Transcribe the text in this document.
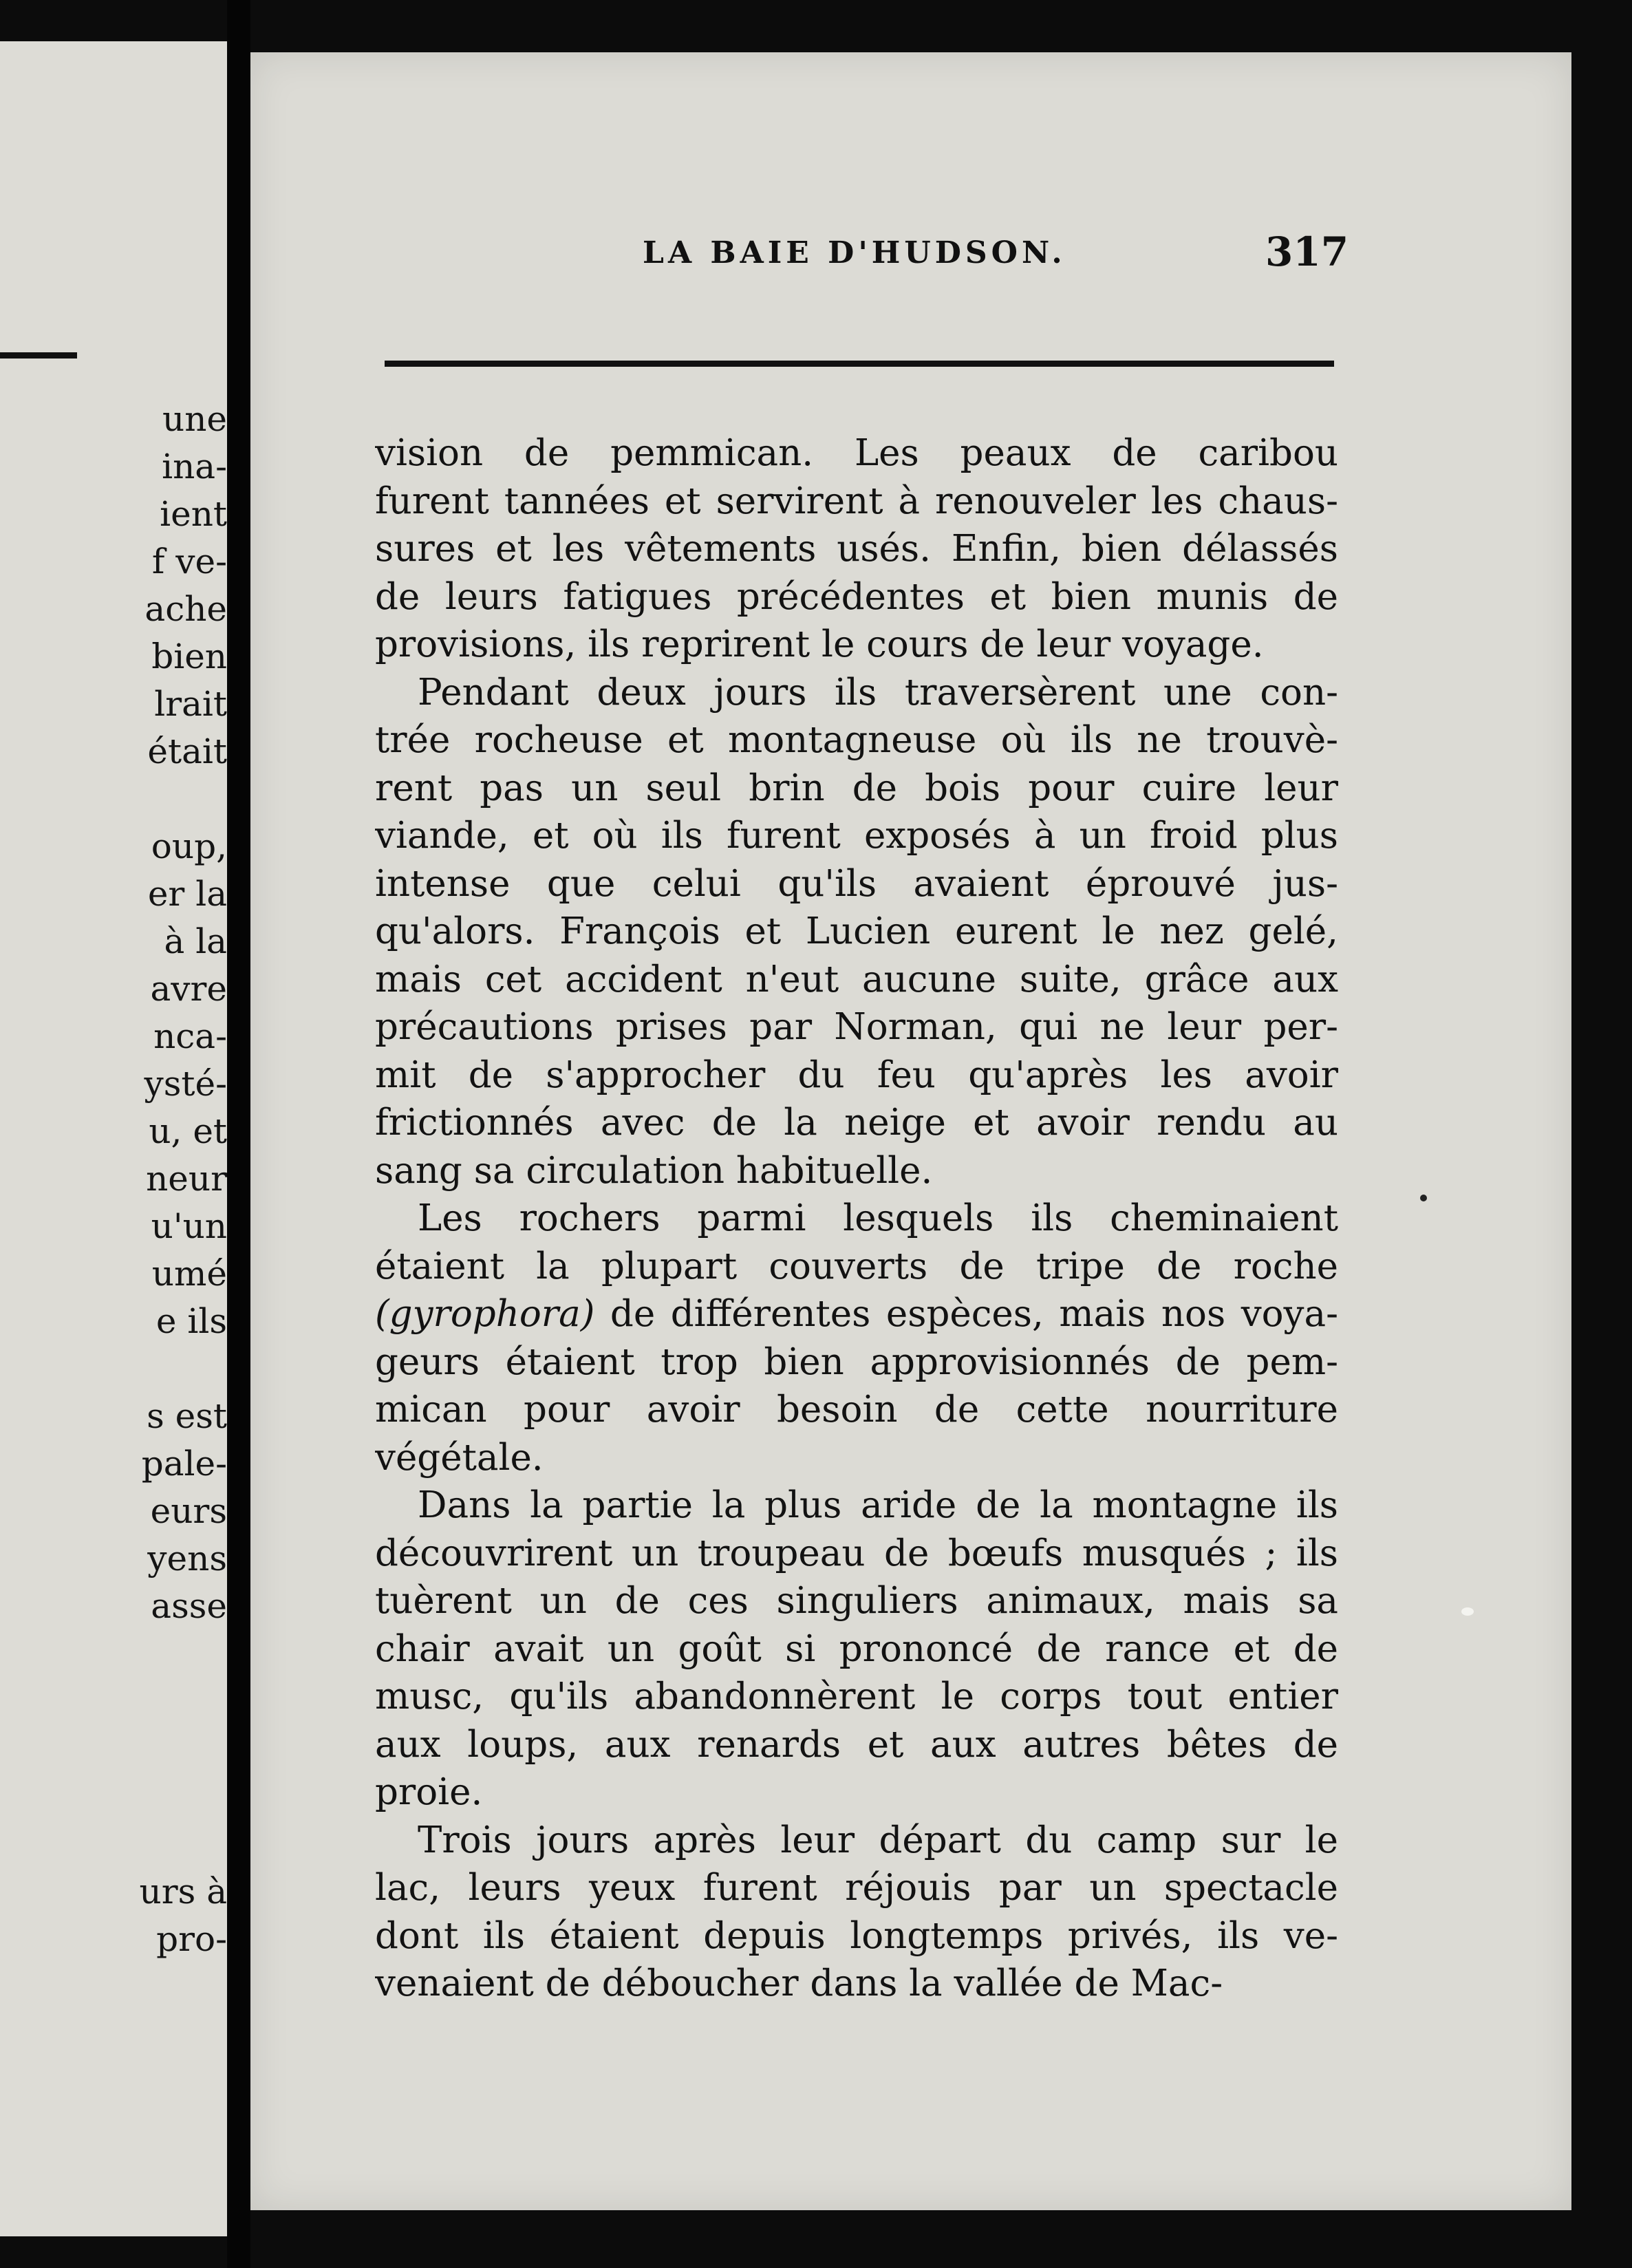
une
ina-
ient
f ve-
ache
bien
lrait
était
oup,
er la
à la
avre
nca-
ysté-
u, et
neur
u'un
umé
e ils
s est
pale-
eurs
yens
asse
urs à
pro-
LA BAIE D'HUDSON.	317

vision de pemmican. Les peaux de caribou
furent tannées et servirent à renouveler les chaus-
sures et les vêtements usés. Enfin, bien délassés
de leurs fatigues précédentes et bien munis de
provisions, ils reprirent le cours de leur voyage.

Pendant deux jours ils traversèrent une con-
trée rocheuse et montagneuse où ils ne trouvè-
rent pas un seul brin de bois pour cuire leur
viande, et où ils furent exposés à un froid plus
intense que celui qu'ils avaient éprouvé jus-
qu'alors. François et Lucien eurent le nez gelé,
mais cet accident n'eut aucune suite, grâce aux
précautions prises par Norman, qui ne leur per-
mit de s'approcher du feu qu'après les avoir
frictionnés avec de la neige et avoir rendu au
sang sa circulation habituelle.

Les rochers parmi lesquels ils cheminaient
étaient la plupart couverts de tripe de roche
(gyrophora) de différentes espèces, mais nos voya-
geurs étaient trop bien approvisionnés de pem-
mican pour avoir besoin de cette nourriture
végétale.

Dans la partie la plus aride de la montagne ils
découvrirent un troupeau de bœufs musqués ; ils
tuèrent un de ces singuliers animaux, mais sa
chair avait un goût si prononcé de rance et de
musc, qu'ils abandonnèrent le corps tout entier
aux loups, aux renards et aux autres bêtes de
proie.

Trois jours après leur départ du camp sur le
lac, leurs yeux furent réjouis par un spectacle
dont ils étaient depuis longtemps privés, ils ve-
venaient de déboucher dans la vallée de Mac-
